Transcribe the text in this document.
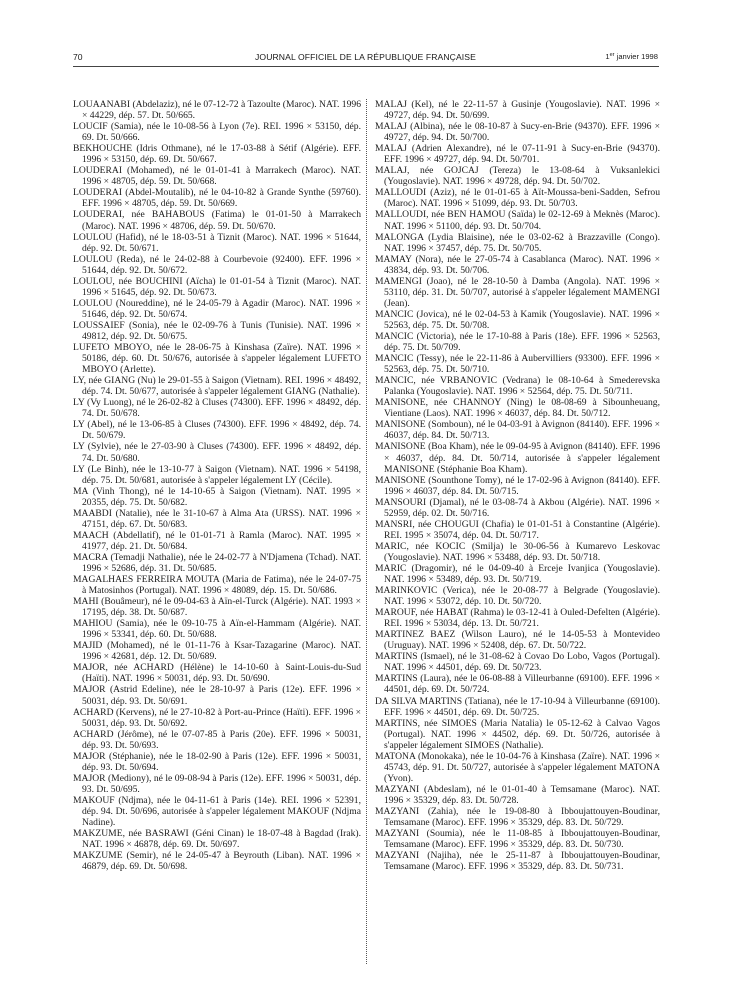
70	JOURNAL OFFICIEL DE LA RÉPUBLIQUE FRANÇAISE	1er janvier 1998
LOUAANABI (Abdelaziz), né le 07-12-72 à Tazoulte (Maroc). NAT. 1996 × 44229, dép. 57. Dt. 50/665.
LOUCIF (Samia), née le 10-08-56 à Lyon (7e). REI. 1996 × 53150, dép. 69. Dt. 50/666.
BEKHOUCHE (Idris Othmane), né le 17-03-88 à Sétif (Algérie). EFF. 1996 × 53150, dép. 69. Dt. 50/667.
LOUDERAI (Mohamed), né le 01-01-41 à Marrakech (Maroc). NAT. 1996 × 48705, dép. 59. Dt. 50/668.
LOUDERAI (Abdel-Moutalib), né le 04-10-82 à Grande Synthe (59760). EFF. 1996 × 48705, dép. 59. Dt. 50/669.
LOUDERAI, née BAHABOUS (Fatima) le 01-01-50 à Marrakech (Maroc). NAT. 1996 × 48706, dép. 59. Dt. 50/670.
LOULOU (Hafid), né le 18-03-51 à Tiznit (Maroc). NAT. 1996 × 51644, dép. 92. Dt. 50/671.
LOULOU (Reda), né le 24-02-88 à Courbevoie (92400). EFF. 1996 × 51644, dép. 92. Dt. 50/672.
LOULOU, née BOUCHINI (Aïcha) le 01-01-54 à Tiznit (Maroc). NAT. 1996 × 51645, dép. 92. Dt. 50/673.
LOULOU (Noureddine), né le 24-05-79 à Agadir (Maroc). NAT. 1996 × 51646, dép. 92. Dt. 50/674.
LOUSSAIEF (Sonia), née le 02-09-76 à Tunis (Tunisie). NAT. 1996 × 49812, dép. 92. Dt. 50/675.
LUFETO MBOYO, née le 28-06-75 à Kinshasa (Zaïre). NAT. 1996 × 50186, dép. 60. Dt. 50/676, autorisée à s'appeler légalement LUFETO MBOYO (Arlette).
LY, née GIANG (Nu) le 29-01-55 à Saigon (Vietnam). REI. 1996 × 48492, dép. 74. Dt. 50/677, autorisée à s'appeler légalement GIANG (Nathalie).
LY (Vy Luong), né le 26-02-82 à Cluses (74300). EFF. 1996 × 48492, dép. 74. Dt. 50/678.
LY (Abel), né le 13-06-85 à Cluses (74300). EFF. 1996 × 48492, dép. 74. Dt. 50/679.
LY (Sylvie), née le 27-03-90 à Cluses (74300). EFF. 1996 × 48492, dép. 74. Dt. 50/680.
LY (Le Binh), née le 13-10-77 à Saigon (Vietnam). NAT. 1996 × 54198, dép. 75. Dt. 50/681, autorisée à s'appeler légalement LY (Cécile).
MA (Vinh Thong), né le 14-10-65 à Saigon (Vietnam). NAT. 1995 × 20355, dép. 75. Dt. 50/682.
MAABDI (Natalie), née le 31-10-67 à Alma Ata (URSS). NAT. 1996 × 47151, dép. 67. Dt. 50/683.
MAACH (Abdellatif), né le 01-01-71 à Ramla (Maroc). NAT. 1995 × 41977, dép. 21. Dt. 50/684.
MACRA (Temadji Nathalie), née le 24-02-77 à N'Djamena (Tchad). NAT. 1996 × 52686, dép. 31. Dt. 50/685.
MAGALHAES FERREIRA MOUTA (Maria de Fatima), née le 24-07-75 à Matosinhos (Portugal). NAT. 1996 × 48089, dép. 15. Dt. 50/686.
MAHI (Bouâmeur), né le 09-04-63 à Aïn-el-Turck (Algérie). NAT. 1993 × 17195, dép. 38. Dt. 50/687.
MAHIOU (Samia), née le 09-10-75 à Aïn-el-Hammam (Algérie). NAT. 1996 × 53341, dép. 60. Dt. 50/688.
MAJID (Mohamed), né le 01-11-76 à Ksar-Tazagarine (Maroc). NAT. 1996 × 42681, dép. 12. Dt. 50/689.
MAJOR, née ACHARD (Hélène) le 14-10-60 à Saint-Louis-du-Sud (Haïti). NAT. 1996 × 50031, dép. 93. Dt. 50/690.
MAJOR (Astrid Edeline), née le 28-10-97 à Paris (12e). EFF. 1996 × 50031, dép. 93. Dt. 50/691.
ACHARD (Kervens), né le 27-10-82 à Port-au-Prince (Haïti). EFF. 1996 × 50031, dép. 93. Dt. 50/692.
ACHARD (Jérôme), né le 07-07-85 à Paris (20e). EFF. 1996 × 50031, dép. 93. Dt. 50/693.
MAJOR (Stéphanie), née le 18-02-90 à Paris (12e). EFF. 1996 × 50031, dép. 93. Dt. 50/694.
MAJOR (Mediony), né le 09-08-94 à Paris (12e). EFF. 1996 × 50031, dép. 93. Dt. 50/695.
MAKOUF (Ndjma), née le 04-11-61 à Paris (14e). REI. 1996 × 52391, dép. 94. Dt. 50/696, autorisée à s'appeler légalement MAKOUF (Ndjma Nadine).
MAKZUME, née BASRAWI (Géni Cinan) le 18-07-48 à Bagdad (Irak). NAT. 1996 × 46878, dép. 69. Dt. 50/697.
MAKZUME (Semir), né le 24-05-47 à Beyrouth (Liban). NAT. 1996 × 46879, dép. 69. Dt. 50/698.
MALAJ (Kel), né le 22-11-57 à Gusinje (Yougoslavie). NAT. 1996 × 49727, dép. 94. Dt. 50/699.
MALAJ (Albina), née le 08-10-87 à Sucy-en-Brie (94370). EFF. 1996 × 49727, dép. 94. Dt. 50/700.
MALAJ (Adrien Alexandre), né le 07-11-91 à Sucy-en-Brie (94370). EFF. 1996 × 49727, dép. 94. Dt. 50/701.
MALAJ, née GOJCAJ (Tereza) le 13-08-64 à Vuksanlekici (Yougoslavie). NAT. 1996 × 49728, dép. 94. Dt. 50/702.
MALLOUDI (Aziz), né le 01-01-65 à Aït-Moussa-beni-Sadden, Sefrou (Maroc). NAT. 1996 × 51099, dép. 93. Dt. 50/703.
MALLOUDI, née BEN HAMOU (Saïda) le 02-12-69 à Meknès (Maroc). NAT. 1996 × 51100, dép. 93. Dt. 50/704.
MALONGA (Lydia Blaisine), née le 03-02-62 à Brazzaville (Congo). NAT. 1996 × 37457, dép. 75. Dt. 50/705.
MAMAY (Nora), née le 27-05-74 à Casablanca (Maroc). NAT. 1996 × 43834, dép. 93. Dt. 50/706.
MAMENGI (Joao), né le 28-10-50 à Damba (Angola). NAT. 1996 × 53110, dép. 31. Dt. 50/707, autorisé à s'appeler légalement MAMENGI (Jean).
MANCIC (Jovica), né le 02-04-53 à Kamik (Yougoslavie). NAT. 1996 × 52563, dép. 75. Dt. 50/708.
MANCIC (Victoria), née le 17-10-88 à Paris (18e). EFF. 1996 × 52563, dép. 75. Dt. 50/709.
MANCIC (Tessy), née le 22-11-86 à Aubervilliers (93300). EFF. 1996 × 52563, dép. 75. Dt. 50/710.
MANCIC, née VRBANOVIC (Vedrana) le 08-10-64 à Smederevska Palanka (Yougoslavie). NAT. 1996 × 52564, dép. 75. Dt. 50/711.
MANISONE, née CHANNOY (Ning) le 08-08-69 à Sibounheuang, Vientiane (Laos). NAT. 1996 × 46037, dép. 84. Dt. 50/712.
MANISONE (Somboun), né le 04-03-91 à Avignon (84140). EFF. 1996 × 46037, dép. 84. Dt. 50/713.
MANISONE (Boa Kham), née le 09-04-95 à Avignon (84140). EFF. 1996 × 46037, dép. 84. Dt. 50/714, autorisée à s'appeler légalement MANISONE (Stéphanie Boa Kham).
MANISONE (Sounthone Tomy), né le 17-02-96 à Avignon (84140). EFF. 1996 × 46037, dép. 84. Dt. 50/715.
MANSOURI (Djamal), né le 03-08-74 à Akbou (Algérie). NAT. 1996 × 52959, dép. 02. Dt. 50/716.
MANSRI, née CHOUGUI (Chafia) le 01-01-51 à Constantine (Algérie). REI. 1995 × 35074, dép. 04. Dt. 50/717.
MARIC, née KOCIC (Smilja) le 30-06-56 à Kumarevo Leskovac (Yougoslavie). NAT. 1996 × 53488, dép. 93. Dt. 50/718.
MARIC (Dragomir), né le 04-09-40 à Erceje Ivanjica (Yougoslavie). NAT. 1996 × 53489, dép. 93. Dt. 50/719.
MARINKOVIC (Verica), née le 20-08-77 à Belgrade (Yougoslavie). NAT. 1996 × 53072, dép. 10. Dt. 50/720.
MAROUF, née HABAT (Rahma) le 03-12-41 à Ouled-Defelten (Algérie). REI. 1996 × 53034, dép. 13. Dt. 50/721.
MARTINEZ BAEZ (Wilson Lauro), né le 14-05-53 à Montevideo (Uruguay). NAT. 1996 × 52408, dép. 67. Dt. 50/722.
MARTINS (Ismael), né le 31-08-62 à Covao Do Lobo, Vagos (Portugal). NAT. 1996 × 44501, dép. 69. Dt. 50/723.
MARTINS (Laura), née le 06-08-88 à Villeurbanne (69100). EFF. 1996 × 44501, dép. 69. Dt. 50/724.
DA SILVA MARTINS (Tatiana), née le 17-10-94 à Villeurbanne (69100). EFF. 1996 × 44501, dép. 69. Dt. 50/725.
MARTINS, née SIMOES (Maria Natalia) le 05-12-62 à Calvao Vagos (Portugal). NAT. 1996 × 44502, dép. 69. Dt. 50/726, autorisée à s'appeler légalement SIMOES (Nathalie).
MATONA (Monokaka), née le 10-04-76 à Kinshasa (Zaïre). NAT. 1996 × 45743, dép. 91. Dt. 50/727, autorisée à s'appeler légalement MATONA (Yvon).
MAZYANI (Abdeslam), né le 01-01-40 à Temsamane (Maroc). NAT. 1996 × 35329, dép. 83. Dt. 50/728.
MAZYANI (Zahia), née le 19-08-80 à Ibboujattouyen-Boudinar, Temsamane (Maroc). EFF. 1996 × 35329, dép. 83. Dt. 50/729.
MAZYANI (Soumia), née le 11-08-85 à Ibboujattouyen-Boudinar, Temsamane (Maroc). EFF. 1996 × 35329, dép. 83. Dt. 50/730.
MAZYANI (Najiha), née le 25-11-87 à Ibboujattouyen-Boudinar, Temsamane (Maroc). EFF. 1996 × 35329, dép. 83. Dt. 50/731.
